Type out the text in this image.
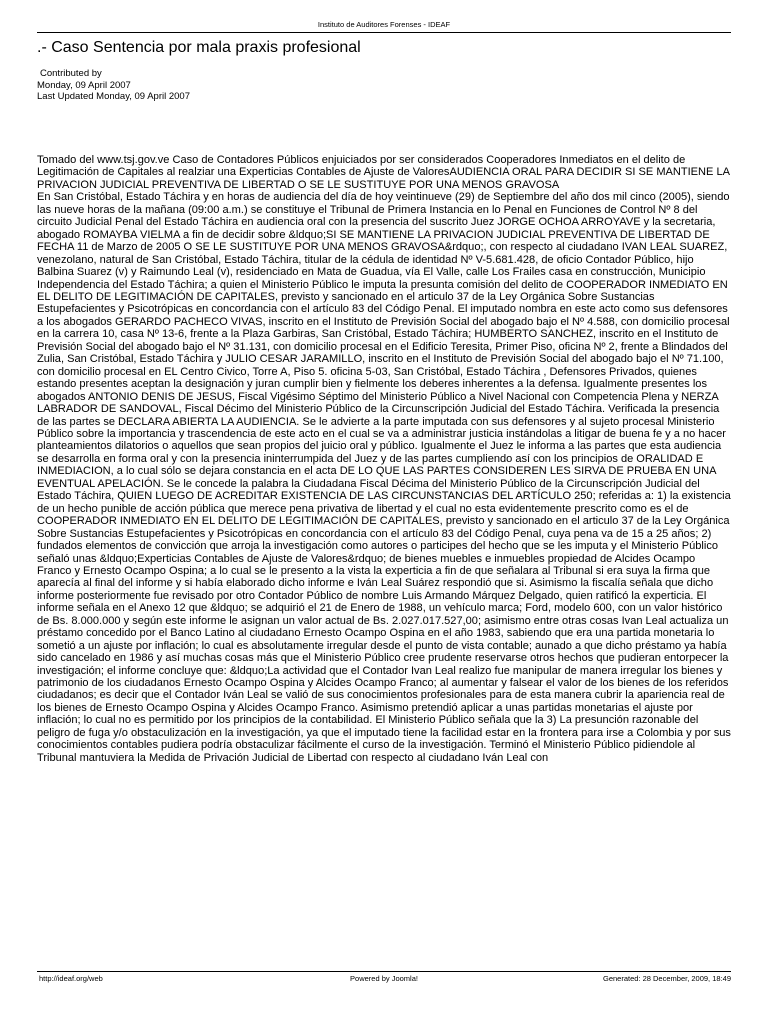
Instituto de Auditores Forenses - IDEAF
.- Caso Sentencia por mala praxis profesional
Contributed by
Monday, 09 April 2007
Last Updated Monday, 09 April 2007
Tomado del www.tsj.gov.ve Caso de Contadores Públicos enjuiciados por ser considerados Cooperadores Inmediatos en el delito de Legitimación de Capitales al realziar una Experticias Contables de Ajuste de ValoresAUDIENCIA ORAL PARA DECIDIR SI SE MANTIENE LA PRIVACION JUDICIAL PREVENTIVA DE LIBERTAD O SE LE SUSTITUYE POR UNA MENOS GRAVOSA
En San Cristóbal, Estado Táchira y en horas de audiencia del día de hoy veintinueve (29) de Septiembre del año dos mil cinco (2005), siendo las nueve horas de la mañana (09:00 a.m.) se constituye el Tribunal de Primera Instancia en lo Penal en Funciones de Control Nº 8 del circuito Judicial Penal del Estado Táchira en audiencia oral con la presencia del suscrito Juez JORGE OCHOA ARROYAVE y la secretaria, abogado ROMAYBA VIELMA a fin de decidir sobre &ldquo;SI SE MANTIENE LA PRIVACION JUDICIAL PREVENTIVA DE LIBERTAD DE FECHA 11 de Marzo de 2005 O SE LE SUSTITUYE POR UNA MENOS GRAVOSA&rdquo;, con respecto al ciudadano IVAN LEAL SUAREZ, venezolano, natural de San Cristóbal, Estado Táchira, titular de la cédula de identidad Nº V-5.681.428, de oficio Contador Público, hijo Balbina Suarez (v) y Raimundo Leal (v), residenciado en Mata de Guadua, vía El Valle, calle Los Frailes casa en construcción, Municipio Independencia del Estado Táchira; a quien el Ministerio Público le imputa la presunta comisión del delito de COOPERADOR INMEDIATO EN EL DELITO DE LEGITIMACIÓN DE CAPITALES, previsto y sancionado en el articulo 37 de la Ley Orgánica Sobre Sustancias Estupefacientes y Psicotrópicas en concordancia con el artículo 83 del Código Penal. El imputado nombra en este acto como sus defensores a los abogados GERARDO PACHECO VIVAS, inscrito en el Instituto de Previsión Social del abogado bajo el Nº 4.588, con domicilio procesal en la carrera 10, casa Nº 13-6, frente a la Plaza Garbiras, San Cristóbal, Estado Táchira; HUMBERTO SANCHEZ, inscrito en el Instituto de Previsión Social del abogado bajo el Nº 31.131, con domicilio procesal en el Edificio Teresita, Primer Piso, oficina Nº 2, frente a Blindados del Zulia, San Cristóbal, Estado Táchira y JULIO CESAR JARAMILLO, inscrito en el Instituto de Previsión Social del abogado bajo el Nº 71.100, con domicilio procesal en EL Centro Civico, Torre A, Piso 5. oficina 5-03, San Cristóbal, Estado Táchira , Defensores Privados, quienes estando presentes aceptan la designación y juran cumplir bien y fielmente los deberes inherentes a la defensa. Igualmente presentes los abogados ANTONIO DENIS DE JESUS, Fiscal Vigésimo Séptimo del Ministerio Público a Nivel Nacional con Competencia Plena y NERZA LABRADOR DE SANDOVAL, Fiscal Décimo del Ministerio Público de la Circunscripción Judicial del Estado Táchira. Verificada la presencia de las partes se DECLARA ABIERTA LA AUDIENCIA. Se le advierte a la parte imputada con sus defensores y al sujeto procesal Ministerio Público sobre la importancia y trascendencia de este acto en el cual se va a administrar justicia instándolas a litigar de buena fe y a no hacer planteamientos dilatorios o aquellos que sean propios del juicio oral y público. Igualmente el Juez le informa a las partes que esta audiencia se desarrolla en forma oral y con la presencia ininterrumpida del Juez y de las partes cumpliendo así con los principios de ORALIDAD E INMEDIACION, a lo cual sólo se dejara constancia en el acta DE LO QUE LAS PARTES CONSIDEREN LES SIRVA DE PRUEBA EN UNA EVENTUAL APELACIÓN. Se le concede la palabra la Ciudadana Fiscal Décima del Ministerio Público de la Circunscripción Judicial del Estado Táchira, QUIEN LUEGO DE ACREDITAR EXISTENCIA DE LAS CIRCUNSTANCIAS DEL ARTÍCULO 250; referidas a: 1) la existencia de un hecho punible de acción pública que merece pena privativa de libertad y el cual no esta evidentemente prescrito como es el de COOPERADOR INMEDIATO EN EL DELITO DE LEGITIMACIÓN DE CAPITALES, previsto y sancionado en el articulo 37 de la Ley Orgánica Sobre Sustancias Estupefacientes y Psicotrópicas en concordancia con el artículo 83 del Código Penal, cuya pena va de 15 a 25 años; 2) fundados elementos de convicción que arroja la investigación como autores o participes del hecho que se les imputa y el Ministerio Público señaló unas &ldquo;Experticias Contables de Ajuste de Valores&rdquo; de bienes muebles e inmuebles propiedad de Alcides Ocampo Franco y Ernesto Ocampo Ospina; a lo cual se le presento a la vista la experticia a fin de que señalara al Tribunal si era suya la firma que aparecía al final del informe y si había elaborado dicho informe e Iván Leal Suárez respondió que si. Asimismo la fiscalía señala que dicho informe posteriormente fue revisado por otro Contador Público de nombre Luis Armando Márquez Delgado, quien ratificó la experticia. El informe señala en el Anexo 12 que &ldquo; se adquirió el 21 de Enero de 1988, un vehículo marca; Ford, modelo 600, con un valor histórico de Bs. 8.000.000 y según este informe le asignan un valor actual de Bs. 2.027.017.527,00; asimismo entre otras cosas Ivan Leal actualiza un préstamo concedido por el Banco Latino al ciudadano Ernesto Ocampo Ospina en el año 1983, sabiendo que era una partida monetaria lo sometió a un ajuste por inflación; lo cual es absolutamente irregular desde el punto de vista contable; aunado a que dicho préstamo ya había sido cancelado en 1986 y así muchas cosas más que el Ministerio Público cree prudente reservarse otros hechos que pudieran entorpecer la investigación; el informe concluye que: &ldquo;La actividad que el Contador Ivan Leal realizo fue manipular de manera irregular los bienes y patrimonio de los ciudadanos Ernesto Ocampo Ospina y Alcides Ocampo Franco; al aumentar y falsear el valor de los bienes de los referidos ciudadanos; es decir que el Contador Iván Leal se valió de sus conocimientos profesionales para de esta manera cubrir la apariencia real de los bienes de Ernesto Ocampo Ospina y Alcides Ocampo Franco. Asimismo pretendió aplicar a unas partidas monetarias el ajuste por inflación; lo cual no es permitido por los principios de la contabilidad. El Ministerio Público señala que la 3) La presunción razonable del peligro de fuga y/o obstaculización en la investigación, ya que el imputado tiene la facilidad estar en la frontera para irse a Colombia y por sus conocimientos contables pudiera podría obstaculizar fácilmente el curso de la investigación. Terminó el Ministerio Público pidiendole al Tribunal mantuviera la Medida de Privación Judicial de Libertad con respecto al ciudadano Iván Leal con
http://ideaf.org/web	Powered by Joomla!	Generated: 28 December, 2009, 18:49
